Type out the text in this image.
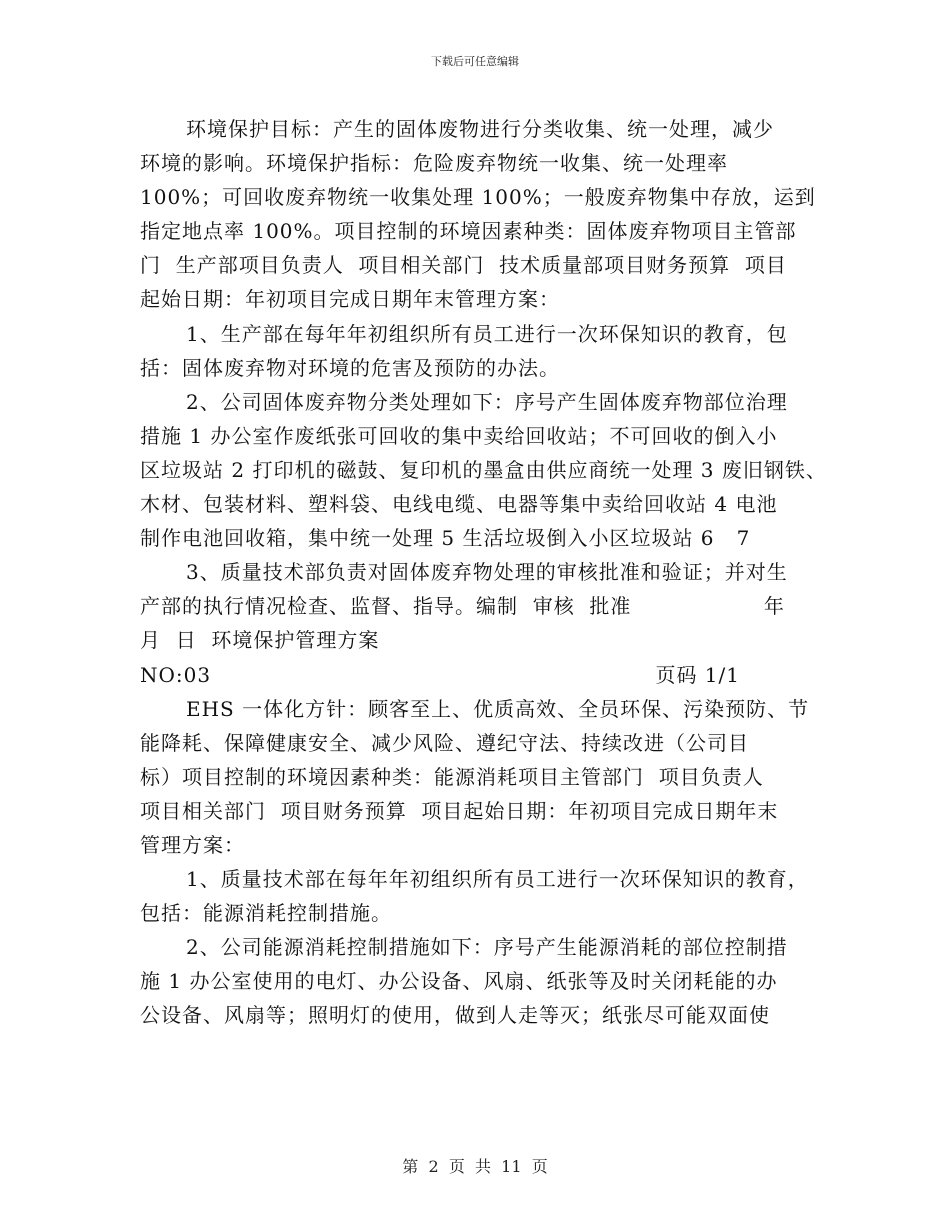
下载后可任意编辑
环境保护目标：产生的固体废物进行分类收集、统一处理，减少
环境的影响。环境保护指标：危险废弃物统一收集、统一处理率
100%；可回收废弃物统一收集处理 100%；一般废弃物集中存放，运到
指定地点率 100%。项目控制的环境因素种类：固体废弃物项目主管部
门  生产部项目负责人  项目相关部门  技术质量部项目财务预算  项目
起始日期：年初项目完成日期年末管理方案：
1、生产部在每年年初组织所有员工进行一次环保知识的教育，包
括：固体废弃物对环境的危害及预防的办法。
2、公司固体废弃物分类处理如下：序号产生固体废弃物部位治理
措施 1 办公室作废纸张可回收的集中卖给回收站；不可回收的倒入小
区垃圾站 2 打印机的磁鼓、复印机的墨盒由供应商统一处理 3 废旧钢铁、
木材、包装材料、塑料袋、电线电缆、电器等集中卖给回收站 4 电池
制作电池回收箱，集中统一处理 5 生活垃圾倒入小区垃圾站 6   7
3、质量技术部负责对固体废弃物处理的审核批准和验证；并对生
产部的执行情况检查、监督、指导。编制  审核  批准                  年
月  日  环境保护管理方案
NO:03	页码 1/1
EHS 一体化方针：顾客至上、优质高效、全员环保、污染预防、节
能降耗、保障健康安全、减少风险、遵纪守法、持续改进（公司目
标）项目控制的环境因素种类：能源消耗项目主管部门  项目负责人
项目相关部门  项目财务预算  项目起始日期：年初项目完成日期年末
管理方案：
1、质量技术部在每年年初组织所有员工进行一次环保知识的教育，
包括：能源消耗控制措施。
2、公司能源消耗控制措施如下：序号产生能源消耗的部位控制措
施 1 办公室使用的电灯、办公设备、风扇、纸张等及时关闭耗能的办
公设备、风扇等；照明灯的使用，做到人走等灭；纸张尽可能双面使
第  2  页  共  11  页
